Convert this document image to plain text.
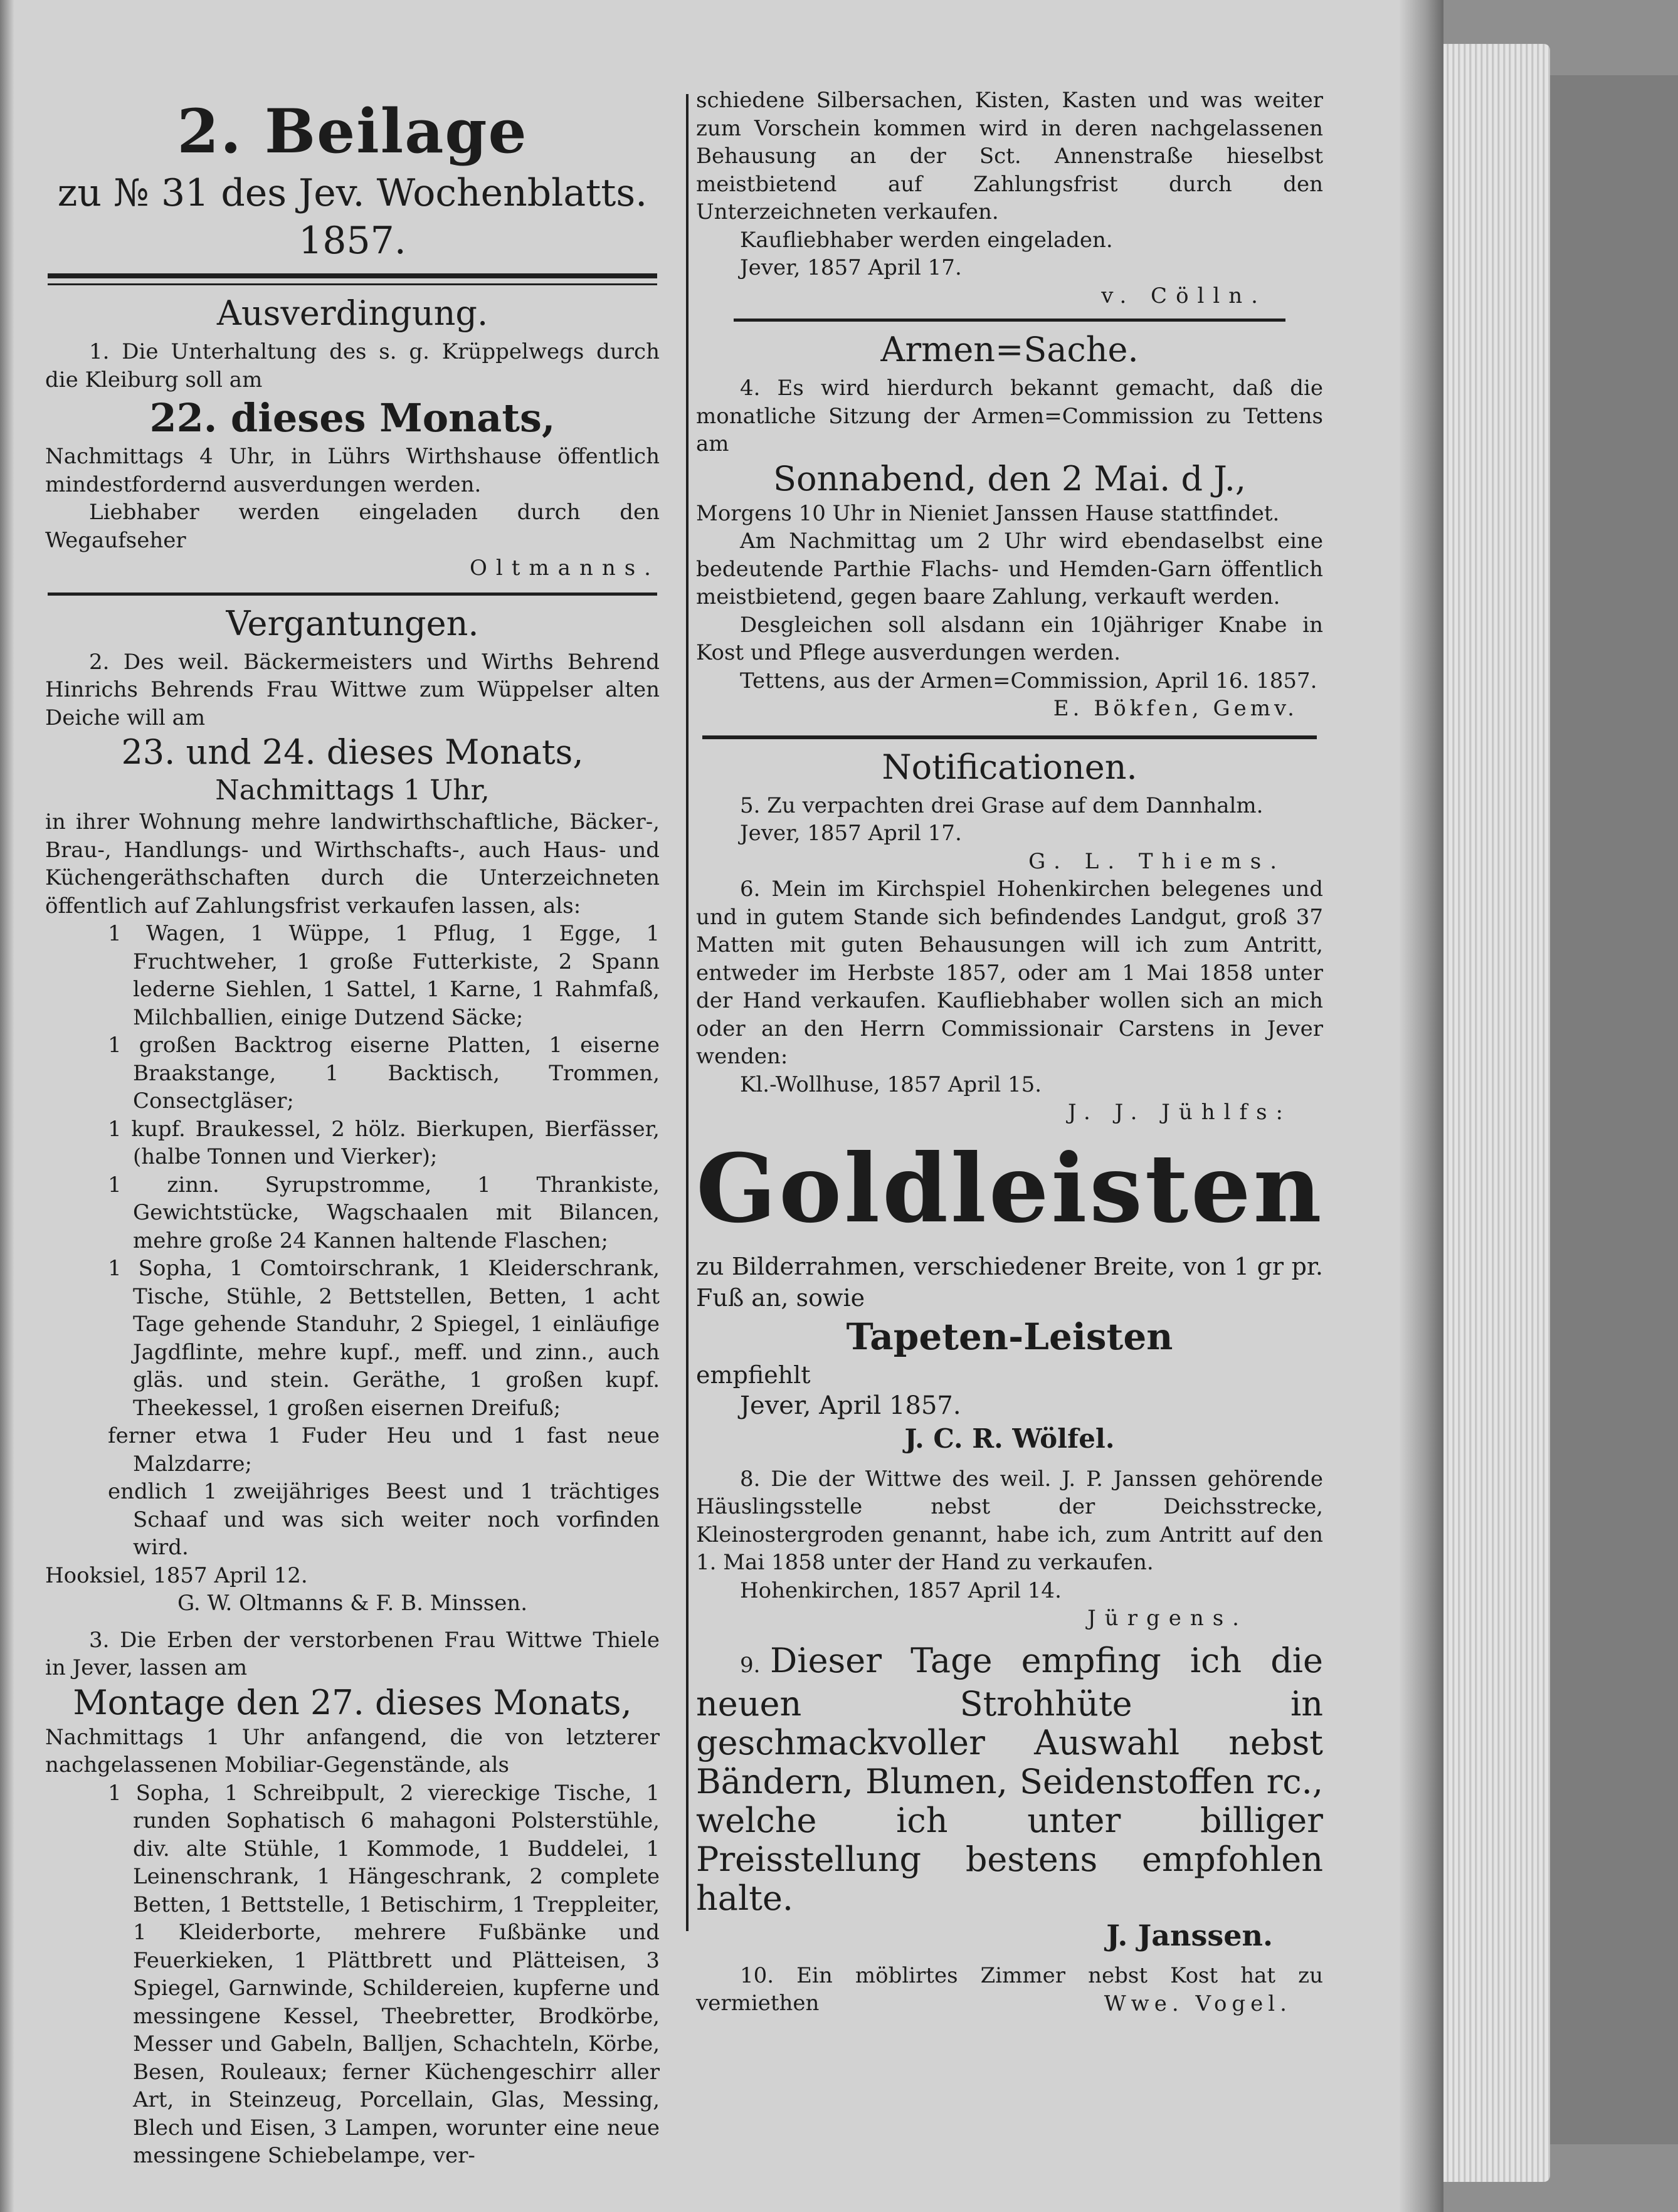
2. Beilage
zu № 31 des Jev. Wochenblatts. 1857.
Ausverdingung.

1. Die Unterhaltung des s. g. Krüppelwegs durch die Kleiburg soll am

22. dieses Monats,

Nachmittags 4 Uhr, in Lührs Wirthshause öffentlich mindestfordernd ausverdungen werden.

Liebhaber werden eingeladen durch den Wegaufseher

Oltmanns.

Vergantungen.

2. Des weil. Bäckermeisters und Wirths Behrend Hinrichs Behrends Frau Wittwe zum Wüppelser alten Deiche will am

23. und 24. dieses Monats,
Nachmittags 1 Uhr,

in ihrer Wohnung mehre landwirthschaftliche, Bäcker-, Brau-, Handlungs- und Wirthschafts-, auch Haus- und Küchengeräthschaften durch die Unterzeichneten öffentlich auf Zahlungsfrist verkaufen lassen, als:

1 Wagen, 1 Wüppe, 1 Pflug, 1 Egge, 1 Fruchtweher, 1 große Futterkiste, 2 Spann lederne Siehlen, 1 Sattel, 1 Karne, 1 Rahmfaß, Milchballien, einige Dutzend Säcke;

1 großen Backtrog eiserne Platten, 1 eiserne Braakstange, 1 Backtisch, Trommen, Consectgläser;

1 kupf. Braukessel, 2 hölz. Bierkupen, Bierfässer, (halbe Tonnen und Vierker);

1 zinn. Syrupstromme, 1 Thrankiste, Gewichtstücke, Wagschaalen mit Bilancen, mehre große 24 Kannen haltende Flaschen;

1 Sopha, 1 Comtoirschrank, 1 Kleiderschrank, Tische, Stühle, 2 Bettstellen, Betten, 1 acht Tage gehende Standuhr, 2 Spiegel, 1 einläufige Jagdflinte, mehre kupf., meff. und zinn., auch gläs. und stein. Geräthe, 1 großen kupf. Theekessel, 1 großen eisernen Dreifuß;

ferner etwa 1 Fuder Heu und 1 fast neue Malzdarre;

endlich 1 zweijähriges Beest und 1 trächtiges Schaaf und was sich weiter noch vorfinden wird.

Hooksiel, 1857 April 12.

G. W. Oltmanns & F. B. Minssen.

3. Die Erben der verstorbenen Frau Wittwe Thiele in Jever, lassen am

Montage den 27. dieses Monats,

Nachmittags 1 Uhr anfangend, die von letzterer nachgelassenen Mobiliar-Gegenstände, als

1 Sopha, 1 Schreibpult, 2 viereckige Tische, 1 runden Sophatisch 6 mahagoni Polsterstühle, div. alte Stühle, 1 Kommode, 1 Buddelei, 1 Leinenschrank, 1 Hängeschrank, 2 complete Betten, 1 Bettstelle, 1 Betischirm, 1 Treppleiter, 1 Kleiderborte, mehrere Fußbänke und Feuerkieken, 1 Plättbrett und Plätteisen, 3 Spiegel, Garnwinde, Schildereien, kupferne und messingene Kessel, Theebretter, Brodkörbe, Messer und Gabeln, Balljen, Schachteln, Körbe, Besen, Rouleaux; ferner Küchengeschirr aller Art, in Steinzeug, Porcellain, Glas, Messing, Blech und Eisen, 3 Lampen, worunter eine neue messingene Schiebelampe, ver-

schiedene Silbersachen, Kisten, Kasten und was weiter zum Vorschein kommen wird in deren nachgelassenen Behausung an der Sct. Annenstraße hieselbst meistbietend auf Zahlungsfrist durch den Unterzeichneten verkaufen.

Kaufliebhaber werden eingeladen.

Jever, 1857 April 17.

v. Cölln.

Armen=Sache.

4. Es wird hierdurch bekannt gemacht, daß die monatliche Sitzung der Armen=Commission zu Tettens am

Sonnabend, den 2 Mai. d J.,

Morgens 10 Uhr in Nieniet Janssen Hause stattfindet.

Am Nachmittag um 2 Uhr wird ebendaselbst eine bedeutende Parthie Flachs- und Hemden-Garn öffentlich meistbietend, gegen baare Zahlung, verkauft werden.

Desgleichen soll alsdann ein 10jähriger Knabe in Kost und Pflege ausverdungen werden.

Tettens, aus der Armen=Commission, April 16. 1857.

E. Bökfen, Gemv.

Notificationen.

5. Zu verpachten drei Grase auf dem Dannhalm.

Jever, 1857 April 17.

G. L. Thiems.

6. Mein im Kirchspiel Hohenkirchen belegenes und und in gutem Stande sich befindendes Landgut, groß 37 Matten mit guten Behausungen will ich zum Antritt, entweder im Herbste 1857, oder am 1 Mai 1858 unter der Hand verkaufen. Kaufliebhaber wollen sich an mich oder an den Herrn Commissionair Carstens in Jever wenden:

Kl.-Wollhuse, 1857 April 15.

J. J. Jühlfs:

Goldleisten

zu Bilderrahmen, verschiedener Breite, von 1 gr pr. Fuß an, sowie

Tapeten-Leisten

empfiehlt

Jever, April 1857.

J. C. R. Wölfel.

8. Die der Wittwe des weil. J. P. Janssen gehörende Häuslingsstelle nebst der Deichsstrecke, Kleinostergroden genannt, habe ich, zum Antritt auf den 1. Mai 1858 unter der Hand zu verkaufen.

Hohenkirchen, 1857 April 14.

Jürgens.

9. Dieser Tage empfing ich die neuen Strohhüte in geschmackvoller Auswahl nebst Bändern, Blumen, Seidenstoffen rc., welche ich unter billiger Preisstellung bestens empfohlen halte.

J. Janssen.

10. Ein möblirtes Zimmer nebst Kost hat zu vermiethen	Wwe. Vogel.
